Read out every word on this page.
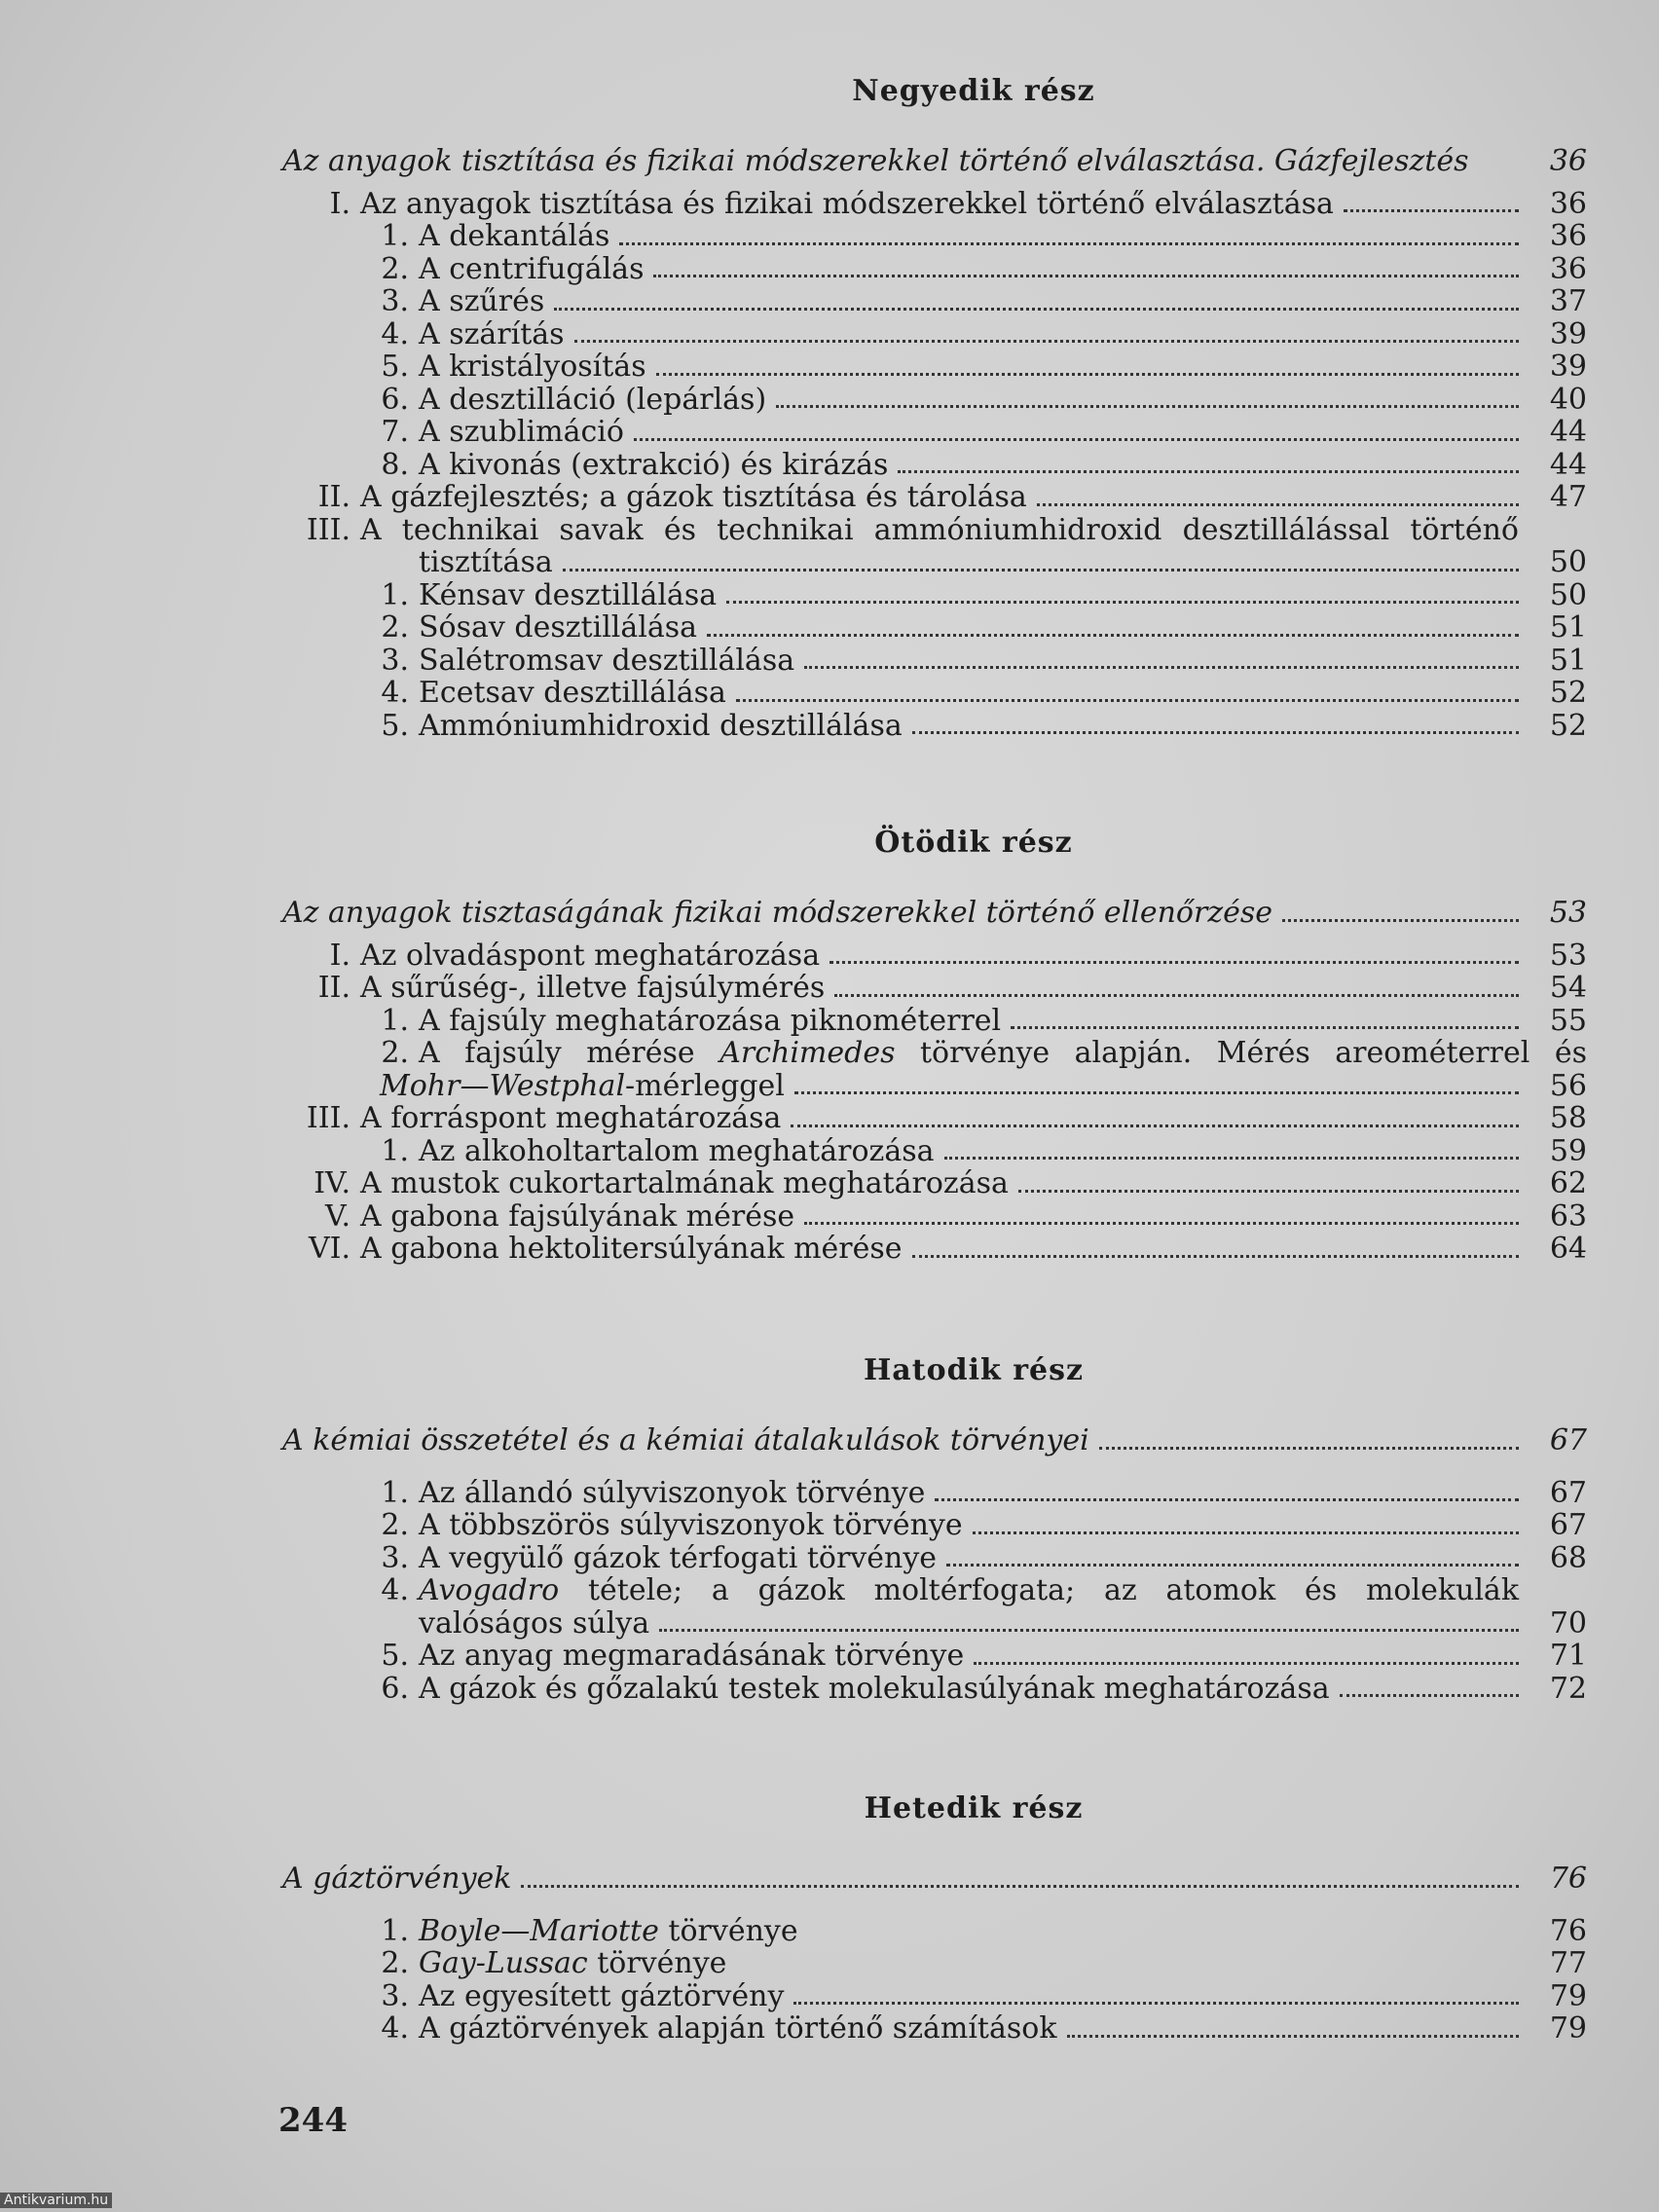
Negyedik rész
Az anyagok tisztítása és fizikai módszerekkel történő elválasztása. Gázfejlesztés	36
I. Az anyagok tisztítása és fizikai módszerekkel történő elválasztása	36
1. A dekantálás	36
2. A centrifugálás	36
3. A szűrés	37
4. A szárítás	39
5. A kristályosítás	39
6. A desztilláció (lepárlás)	40
7. A szublimáció	44
8. A kivonás (extrakció) és kirázás	44
II. A gázfejlesztés; a gázok tisztítása és tárolása	47
III. A technikai savak és technikai ammóniumhidroxid desztillálással történő
tisztítása	50
1. Kénsav desztillálása	50
2. Sósav desztillálása	51
3. Salétromsav desztillálása	51
4. Ecetsav desztillálása	52
5. Ammóniumhidroxid desztillálása	52
Ötödik rész
Az anyagok tisztaságának fizikai módszerekkel történő ellenőrzése	53
I. Az olvadáspont meghatározása	53
II. A sűrűség-, illetve fajsúlymérés	54
1. A fajsúly meghatározása piknométerrel	55
2. A fajsúly mérése Archimedes törvénye alapján. Mérés areométerrel és
Mohr—Westphal-mérleggel	56
III. A forráspont meghatározása	58
1. Az alkoholtartalom meghatározása	59
IV. A mustok cukortartalmának meghatározása	62
V. A gabona fajsúlyának mérése	63
VI. A gabona hektolitersúlyának mérése	64
Hatodik rész
A kémiai összetétel és a kémiai átalakulások törvényei	67
1. Az állandó súlyviszonyok törvénye	67
2. A többszörös súlyviszonyok törvénye	67
3. A vegyülő gázok térfogati törvénye	68
4. Avogadro tétele; a gázok moltérfogata; az atomok és molekulák
valóságos súlya	70
5. Az anyag megmaradásának törvénye	71
6. A gázok és gőzalakú testek molekulasúlyának meghatározása	72
Hetedik rész
A gáztörvények	76
1. Boyle—Mariotte törvénye	76
2. Gay-Lussac törvénye	77
3. Az egyesített gáztörvény	79
4. A gáztörvények alapján történő számítások	79
244
Antikvarium.hu
